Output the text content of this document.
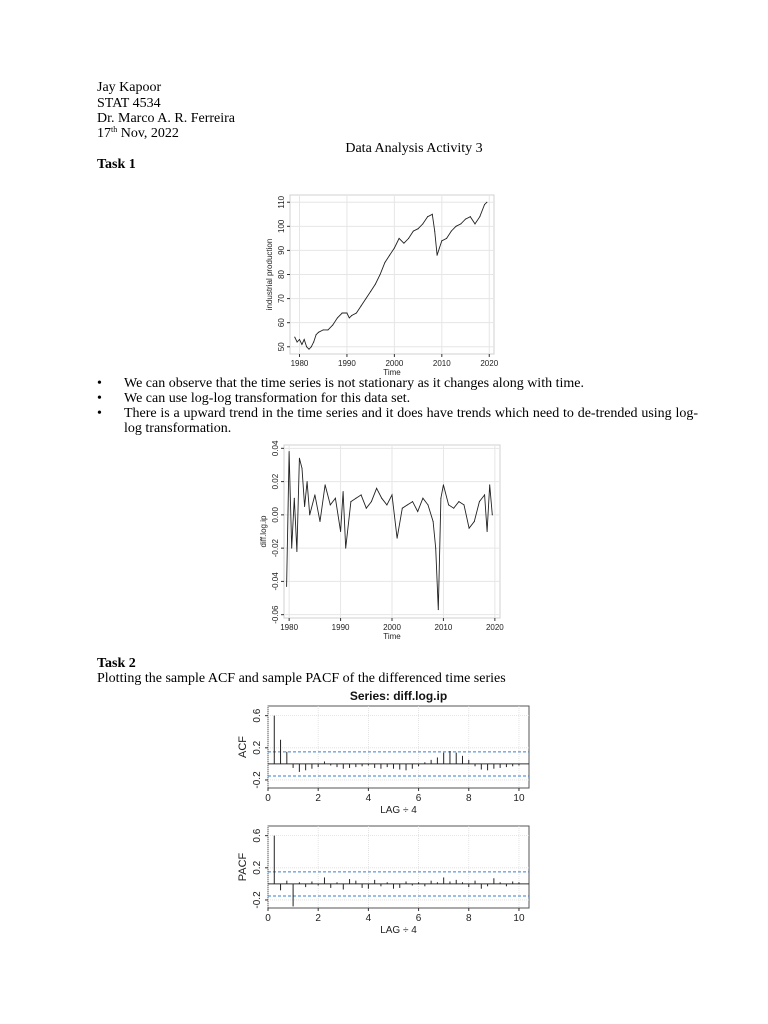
Jay Kapoor
STAT 4534
Dr. Marco A. R. Ferreira
17th Nov, 2022
Data Analysis Activity 3
Task 1
1980	1990	2000	2010	2020
50
60
70
80
90
100
110
Time
industrial production
• We can observe that the time series is not stationary as it changes along with time.
• We can use log-log transformation for this data set.
• There is a upward trend in the time series and it does have trends which need to de-trended using log-log transformation.
1980	1990	2000	2010	2020
-0.06
-0.04
-0.02
0.00
0.02
0.04
Time
diff.log.ip
Task 2
Plotting the sample ACF and sample PACF of the differenced time series
0	2	4	6	8	10
-0.2
0.2
0.6
LAG ÷ 4
ACF
Series: diff.log.ip
0	2	4	6	8	10
-0.2
0.2
0.6
LAG ÷ 4
PACF
